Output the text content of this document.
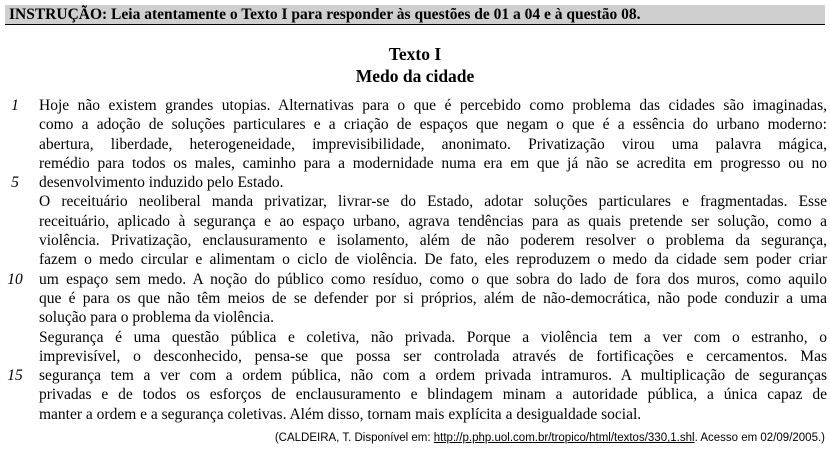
INSTRUÇÃO: Leia atentamente o Texto I para responder às questões de 01 a 04 e à questão 08.
Texto I
Medo da cidade
1	Hoje não existem grandes utopias. Alternativas para o que é percebido como problema das cidades são imaginadas,
como a adoção de soluções particulares e a criação de espaços que negam o que é a essência do urbano moderno:
abertura, liberdade, heterogeneidade, imprevisibilidade, anonimato. Privatização virou uma palavra mágica,
remédio para todos os males, caminho para a modernidade numa era em que já não se acredita em progresso ou no
5	desenvolvimento induzido pelo Estado.
O receituário neoliberal manda privatizar, livrar-se do Estado, adotar soluções particulares e fragmentadas. Esse
receituário, aplicado à segurança e ao espaço urbano, agrava tendências para as quais pretende ser solução, como a
violência. Privatização, enclausuramento e isolamento, além de não poderem resolver o problema da segurança,
fazem o medo circular e alimentam o ciclo de violência. De fato, eles reproduzem o medo da cidade sem poder criar
10 um espaço sem medo. A noção do público como resíduo, como o que sobra do lado de fora dos muros, como aquilo
que é para os que não têm meios de se defender por si próprios, além de não-democrática, não pode conduzir a uma
solução para o problema da violência.
Segurança é uma questão pública e coletiva, não privada. Porque a violência tem a ver com o estranho, o
imprevisível, o desconhecido, pensa-se que possa ser controlada através de fortificações e cercamentos. Mas
15 segurança tem a ver com a ordem pública, não com a ordem privada intramuros. A multiplicação de seguranças
privadas e de todos os esforços de enclausuramento e blindagem minam a autoridade pública, a única capaz de
manter a ordem e a segurança coletivas. Além disso, tornam mais explícita a desigualdade social.
(CALDEIRA, T. Disponível em: http://p.php.uol.com.br/tropico/html/textos/330,1.shl. Acesso em 02/09/2005.)
